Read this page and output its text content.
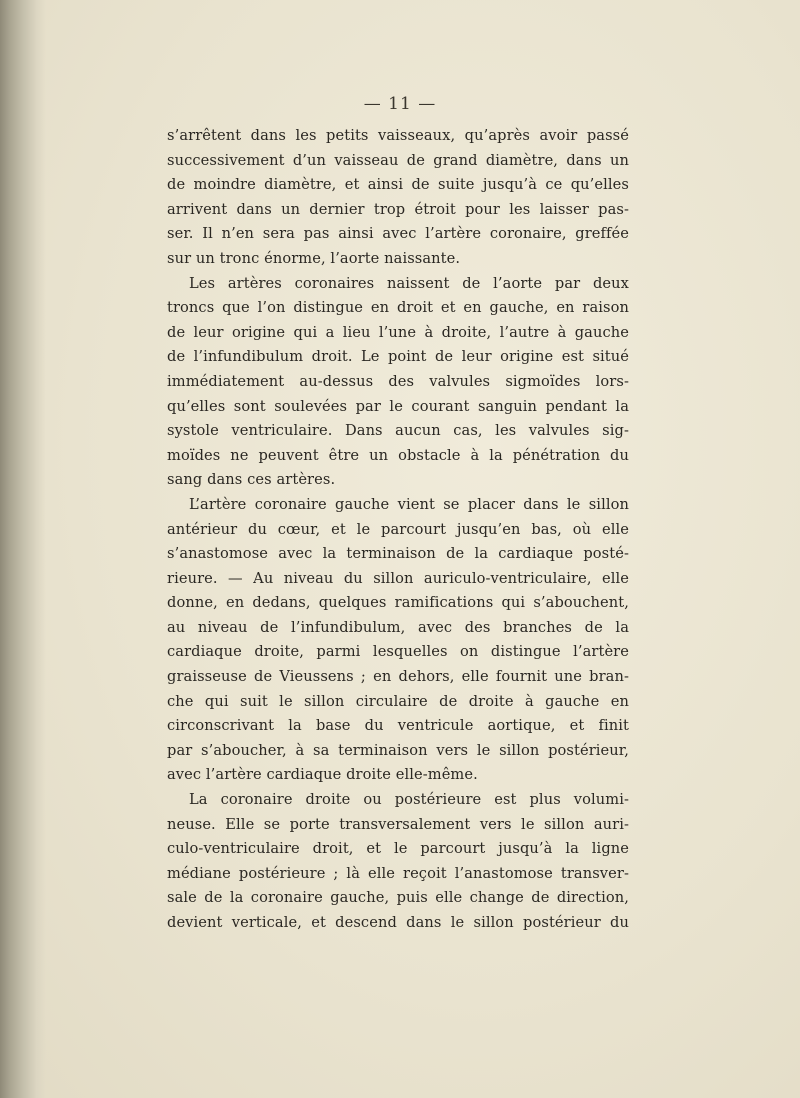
— 11 —

s’arrêtent dans les petits vaisseaux, qu’après avoir passé
successivement d’un vaisseau de grand diamètre, dans un
de moindre diamètre, et ainsi de suite jusqu’à ce qu’elles
arrivent dans un dernier trop étroit pour les laisser pas-
ser. Il n’en sera pas ainsi avec l’artère coronaire, greffée
sur un tronc énorme, l’aorte naissante.

Les artères coronaires naissent de l’aorte par deux
troncs que l’on distingue en droit et en gauche, en raison
de leur origine qui a lieu l’une à droite, l’autre à gauche
de l’infundibulum droit. Le point de leur origine est situé
immédiatement au-dessus des valvules sigmoïdes lors-
qu’elles sont soulevées par le courant sanguin pendant la
systole ventriculaire. Dans aucun cas, les valvules sig-
moïdes ne peuvent être un obstacle à la pénétration du
sang dans ces artères.

L’artère coronaire gauche vient se placer dans le sillon
antérieur du cœur, et le parcourt jusqu’en bas, où elle
s’anastomose avec la terminaison de la cardiaque posté-
rieure. — Au niveau du sillon auriculo-ventriculaire, elle
donne, en dedans, quelques ramifications qui s’abouchent,
au niveau de l’infundibulum, avec des branches de la
cardiaque droite, parmi lesquelles on distingue l’artère
graisseuse de Vieussens ; en dehors, elle fournit une bran-
che qui suit le sillon circulaire de droite à gauche en
circonscrivant la base du ventricule aortique, et finit
par s’aboucher, à sa terminaison vers le sillon postérieur,
avec l’artère cardiaque droite elle-même.

La coronaire droite ou postérieure est plus volumi-
neuse. Elle se porte transversalement vers le sillon auri-
culo-ventriculaire droit, et le parcourt jusqu’à la ligne
médiane postérieure ; là elle reçoit l’anastomose transver-
sale de la coronaire gauche, puis elle change de direction,
devient verticale, et descend dans le sillon postérieur du
